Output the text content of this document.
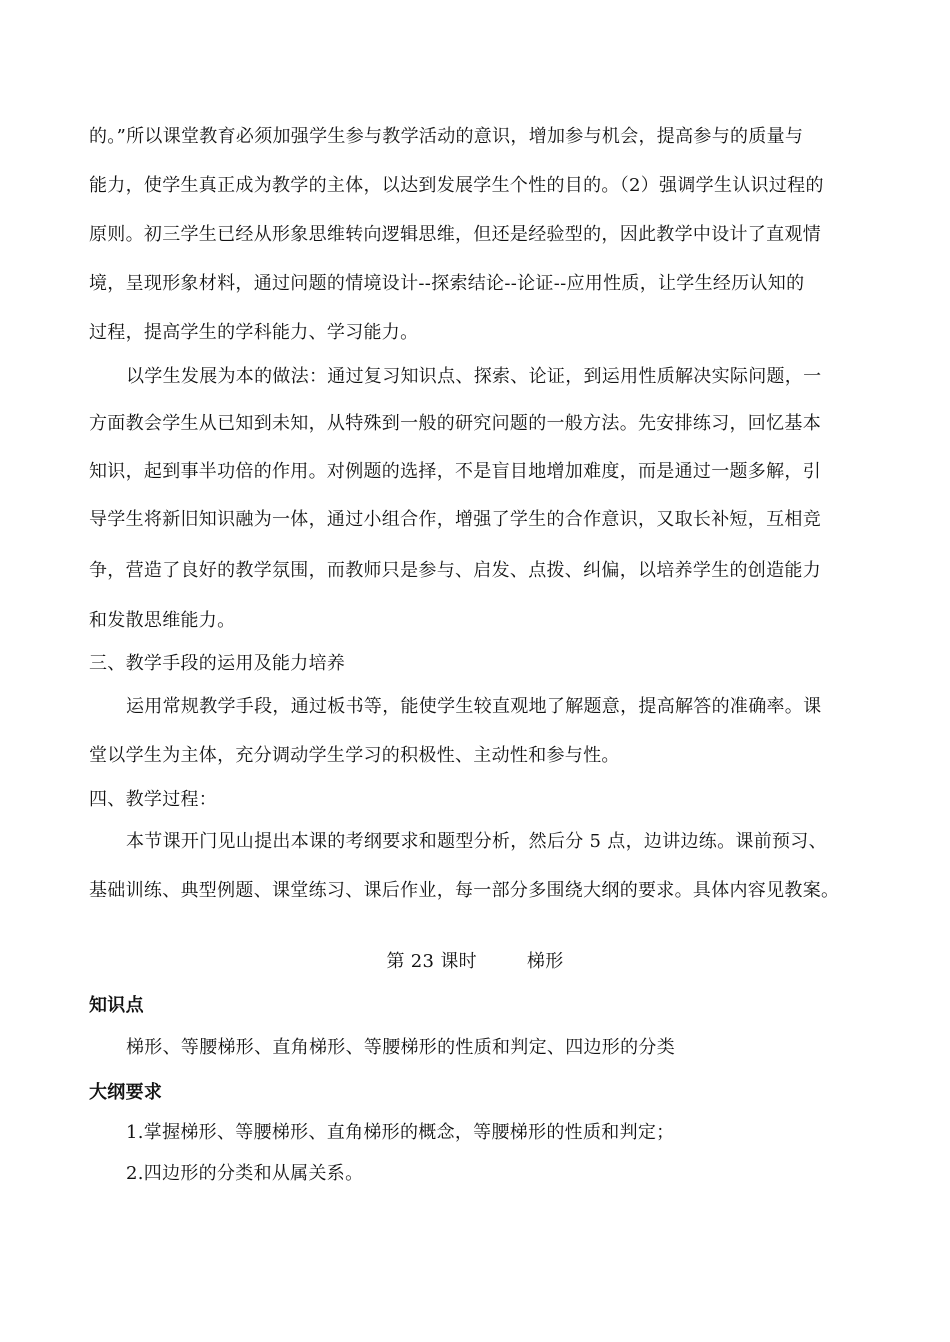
的。”所以课堂教育必须加强学生参与教学活动的意识，增加参与机会，提高参与的质量与
能力，使学生真正成为教学的主体，以达到发展学生个性的目的。（2）强调学生认识过程的
原则。初三学生已经从形象思维转向逻辑思维，但还是经验型的，因此教学中设计了直观情
境，呈现形象材料，通过问题的情境设计--探索结论--论证--应用性质，让学生经历认知的
过程，提高学生的学科能力、学习能力。
以学生发展为本的做法：通过复习知识点、探索、论证，到运用性质解决实际问题，一
方面教会学生从已知到未知，从特殊到一般的研究问题的一般方法。先安排练习，回忆基本
知识，起到事半功倍的作用。对例题的选择，不是盲目地增加难度，而是通过一题多解，引
导学生将新旧知识融为一体，通过小组合作，增强了学生的合作意识，又取长补短，互相竞
争，营造了良好的教学氛围，而教师只是参与、启发、点拨、纠偏，以培养学生的创造能力
和发散思维能力。
三、教学手段的运用及能力培养
运用常规教学手段，通过板书等，能使学生较直观地了解题意，提高解答的准确率。课
堂以学生为主体，充分调动学生学习的积极性、主动性和参与性。
四、教学过程：
本节课开门见山提出本课的考纲要求和题型分析，然后分 5 点，边讲边练。课前预习、
基础训练、典型例题、课堂练习、课后作业，每一部分多围绕大纲的要求。具体内容见教案。
第 23 课时	梯形
知识点
梯形、等腰梯形、直角梯形、等腰梯形的性质和判定、四边形的分类
大纲要求
1.掌握梯形、等腰梯形、直角梯形的概念，等腰梯形的性质和判定；
2.四边形的分类和从属关系。
